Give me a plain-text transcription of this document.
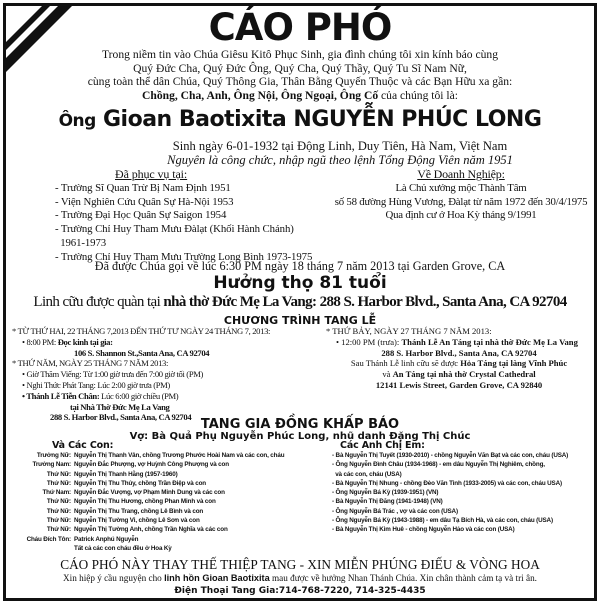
CÁO PHÓ
Trong niềm tin vào Chúa Giêsu Kitô Phục Sinh, gia đình chúng tôi xin kính báo cùng
Quý Đức Cha, Quý Đức Ông, Quý Cha, Quý Thầy, Quý Tu Sĩ Nam Nữ,
cùng toàn thể dân Chúa, Quý Thông Gia, Thân Bằng Quyến Thuộc và các Bạn Hữu xa gần:
Chồng, Cha, Anh, Ông Nội, Ông Ngoại, Ông Cố của chúng tôi là:
Ông Gioan Baotixita NGUYỄN PHÚC LONG
Sinh ngày 6-01-1932 tại Động Linh, Duy Tiên, Hà Nam, Việt Nam
Nguyên là công chức, nhập ngũ theo lệnh Tổng Động Viên năm 1951
Đã phục vụ tại:
- Trường Sĩ Quan Trừ Bị Nam Định 1951
- Viện Nghiên Cứu Quân Sự Hà-Nội 1953
- Trường Đại Học Quân Sự Saigon 1954
- Trường Chỉ Huy Tham Mưu Đàlạt (Khối Hành Chánh)
1961-1973
- Trường Chỉ Huy Tham Mưu Trường Long Bình 1973-1975
Về Doanh Nghiệp:
Là Chủ xưởng mộc Thành Tâm
số 58 đường Hùng Vương, Đàlạt từ năm 1972 đến 30/4/1975
Qua định cư ở Hoa Kỳ tháng 9/1991
Đã được Chúa gọi về lúc 6:30 PM ngày 18 tháng 7 năm 2013 tại Garden Grove, CA
Hưởng thọ 81 tuổi
Linh cữu được quàn tại nhà thờ Đức Mẹ La Vang: 288 S. Harbor Blvd., Santa Ana, CA 92704
CHƯƠNG TRÌNH TANG LỄ
* TỪ THỨ HAI, 22 THÁNG 7,2013 ĐẾN THỨ TƯ NGÀY 24 THÁNG 7, 2013:
• 8:00 PM: Đọc kinh tại gia:
106 S. Shannon St.,Santa Ana, CA 92704
* THỨ NĂM, NGÀY 25 THÁNG 7 NĂM 2013:
• Giờ Thăm Viếng: Từ 1:00 giờ trưa đến 7:00 giờ tối (PM)
• Nghi Thức Phát Tang: Lúc 2:00 giờ trưa (PM)
• Thánh Lễ Tiễn Chân: Lúc 6:00 giờ chiều (PM)
tại Nhà Thờ Đức Mẹ La Vang
288 S. Harbor Blvd., Santa Ana, CA 92704
* THỨ BẢY, NGÀY 27 THÁNG 7 NĂM 2013:
• 12:00 PM (trưa): Thánh Lễ An Táng tại nhà thờ Đức Mẹ La Vang
288 S. Harbor Blvd., Santa Ana, CA 92704
Sau Thánh Lễ linh cữu sẽ được Hỏa Táng tại làng Vĩnh Phúc
và An Táng tại nhà thờ Crystal Cathedral
12141 Lewis Street, Garden Grove, CA 92840
TANG GIA ĐỒNG KHẤP BÁO
Vợ: Bà Quả Phụ Nguyễn Phúc Long, nhũ danh Đặng Thị Chúc
Và Các Con:
Trưởng Nữ: Nguyễn Thị Thanh Vân, chồng Trương Phước Hoài Nam và các con, cháu
Trưởng Nam: Nguyễn Đắc Phượng, vợ Huỳnh Công Phượng và con
Thứ Nữ: Nguyễn Thị Thanh Hằng (1957-1960)
Thứ Nữ: Nguyễn Thị Thu Thủy, chồng Trần Điệp và con
Thứ Nam: Nguyễn Đắc Vượng, vợ Phạm Minh Dung và các con
Thứ Nữ: Nguyễn Thị Thu Hương, chồng Phan Minh và con
Thứ Nữ: Nguyễn Thị Thu Trang, chồng Lê Bình và con
Thứ Nữ: Nguyễn Thị Tường Vi, chồng Lê Sơn và con
Thứ Nữ: Nguyễn Thị Tường Anh, chồng Trần Nghĩa và các con
Cháu Đích Tôn: Patrick Anphú Nguyễn
Tất cả các con cháu đều ở Hoa Kỳ
Các Anh Chị Em:
- Bà Nguyễn Thị Tuyết (1930-2010) - chồng Nguyễn Văn Bạt và các con, cháu (USA)
- Ông Nguyễn Đình Châu (1934-1968) - em dâu Nguyễn Thị Nghiêm, chồng,
và các con, cháu (USA)
- Bà Nguyễn Thị Nhung - chồng Đèo Văn Tinh (1933-2005) và các con, cháu USA)
- Ông Nguyễn Bá Kỳ (1939-1951) (VN)
- Bà Nguyễn Thị Đăng (1941-1948) (VN)
- Ông Nguyễn Bá Trác , vợ và các con (USA)
- Ông Nguyễn Bá Kỳ (1943-1988) - em dâu Tạ Bích Hà, và các con, cháu (USA)
- Bà Nguyễn Thị Kim Huê - chồng Nguyễn Hảo và các con (USA)
CÁO PHÓ NÀY THAY THẾ THIỆP TANG - XIN MIỄN PHÚNG ĐIẾU & VÒNG HOA
Xin hiệp ý cầu nguyện cho linh hồn Gioan Baotixita mau được về hưởng Nhan Thánh Chúa. Xin chân thành cảm tạ và tri ân.
Điện Thoại Tang Gia:714-768-7220, 714-325-4435
